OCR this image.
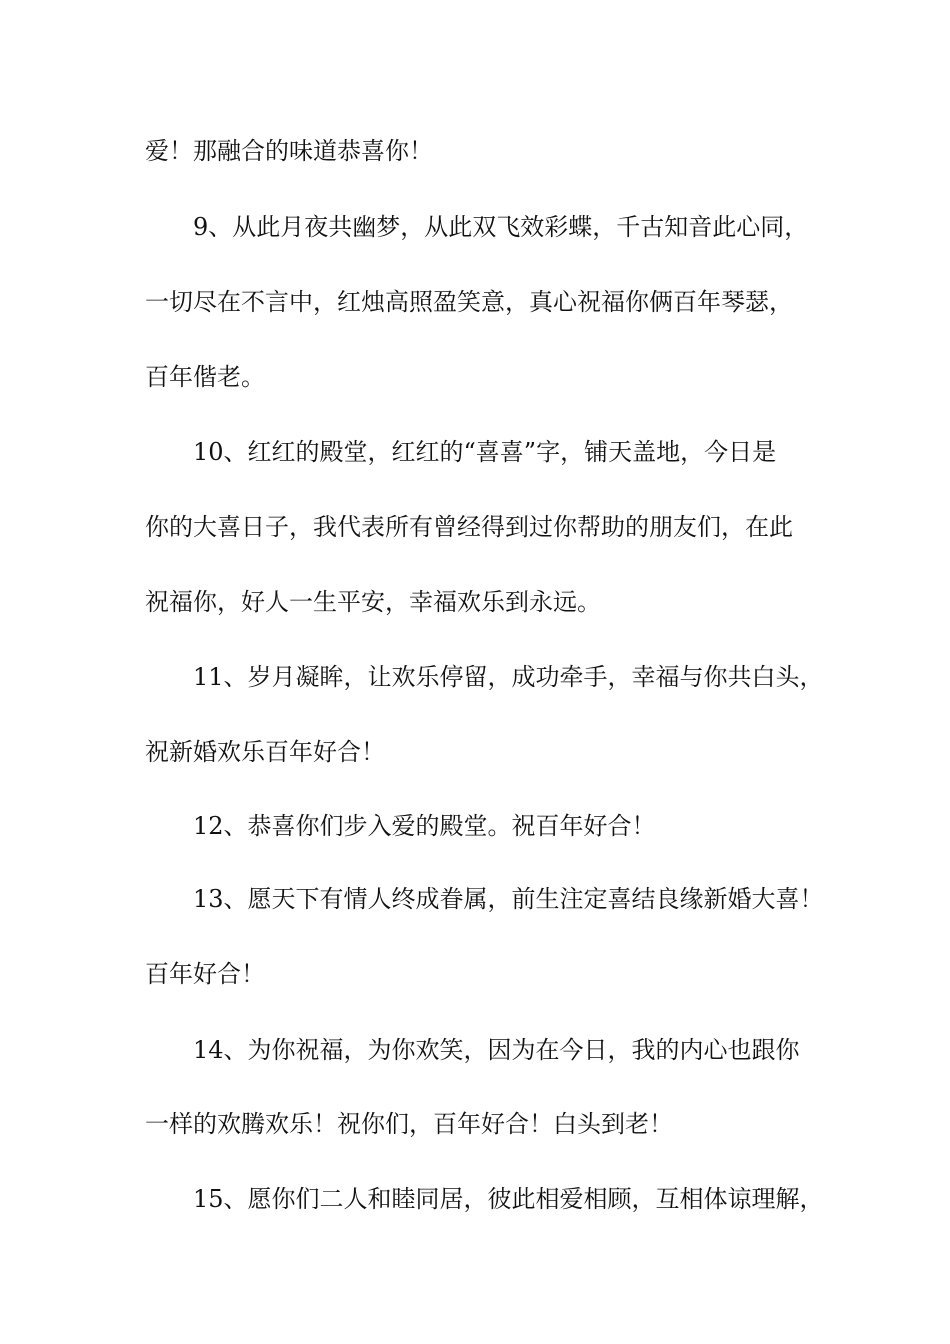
爱！那融合的味道恭喜你！
9、从此月夜共幽梦，从此双飞效彩蝶，千古知音此心同，
一切尽在不言中，红烛高照盈笑意，真心祝福你俩百年琴瑟，
百年偕老。
10、红红的殿堂，红红的“喜喜”字，铺天盖地，今日是
你的大喜日子，我代表所有曾经得到过你帮助的朋友们，在此
祝福你，好人一生平安，幸福欢乐到永远。
11、岁月凝眸，让欢乐停留，成功牵手，幸福与你共白头，
祝新婚欢乐百年好合！
12、恭喜你们步入爱的殿堂。祝百年好合！
13、愿天下有情人终成眷属，前生注定喜结良缘新婚大喜！
百年好合！
14、为你祝福，为你欢笑，因为在今日，我的内心也跟你
一样的欢腾欢乐！祝你们，百年好合！白头到老！
15、愿你们二人和睦同居，彼此相爱相顾，互相体谅理解，
